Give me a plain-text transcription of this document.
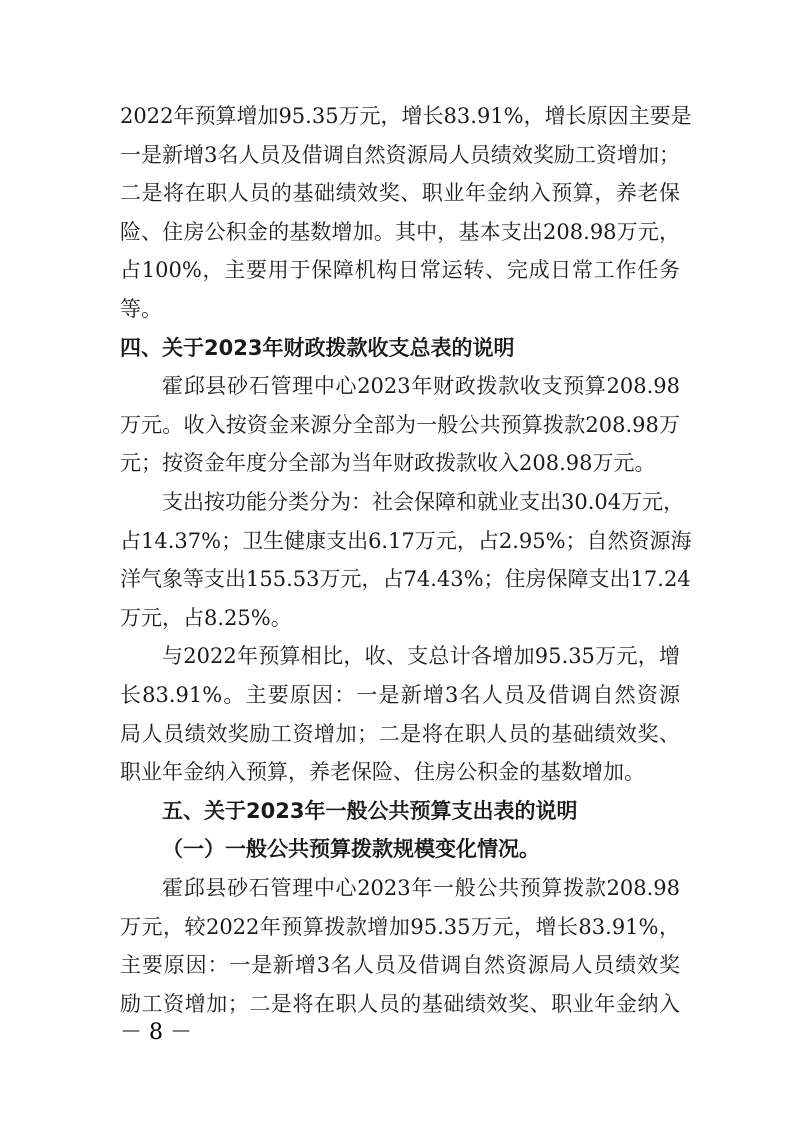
2022年预算增加95.35万元，增长83.91%，增长原因主要是
一是新增3名人员及借调自然资源局人员绩效奖励工资增加；
二是将在职人员的基础绩效奖、职业年金纳入预算，养老保
险、住房公积金的基数增加。其中，基本支出208.98万元，
占100%，主要用于保障机构日常运转、完成日常工作任务
等。
四、关于2023年财政拨款收支总表的说明
霍邱县砂石管理中心2023年财政拨款收支预算208.98
万元。收入按资金来源分全部为一般公共预算拨款208.98万
元；按资金年度分全部为当年财政拨款收入208.98万元。
支出按功能分类分为：社会保障和就业支出30.04万元，
占14.37%；卫生健康支出6.17万元，占2.95%；自然资源海
洋气象等支出155.53万元，占74.43%；住房保障支出17.24
万元，占8.25%。
与2022年预算相比，收、支总计各增加95.35万元，增
长83.91%。主要原因：一是新增3名人员及借调自然资源
局人员绩效奖励工资增加；二是将在职人员的基础绩效奖、
职业年金纳入预算，养老保险、住房公积金的基数增加。
五、关于2023年一般公共预算支出表的说明
（一）一般公共预算拨款规模变化情况。
霍邱县砂石管理中心2023年一般公共预算拨款208.98
万元，较2022年预算拨款增加95.35万元，增长83.91%，
主要原因：一是新增3名人员及借调自然资源局人员绩效奖
励工资增加；二是将在职人员的基础绩效奖、职业年金纳入
－ 8 －
